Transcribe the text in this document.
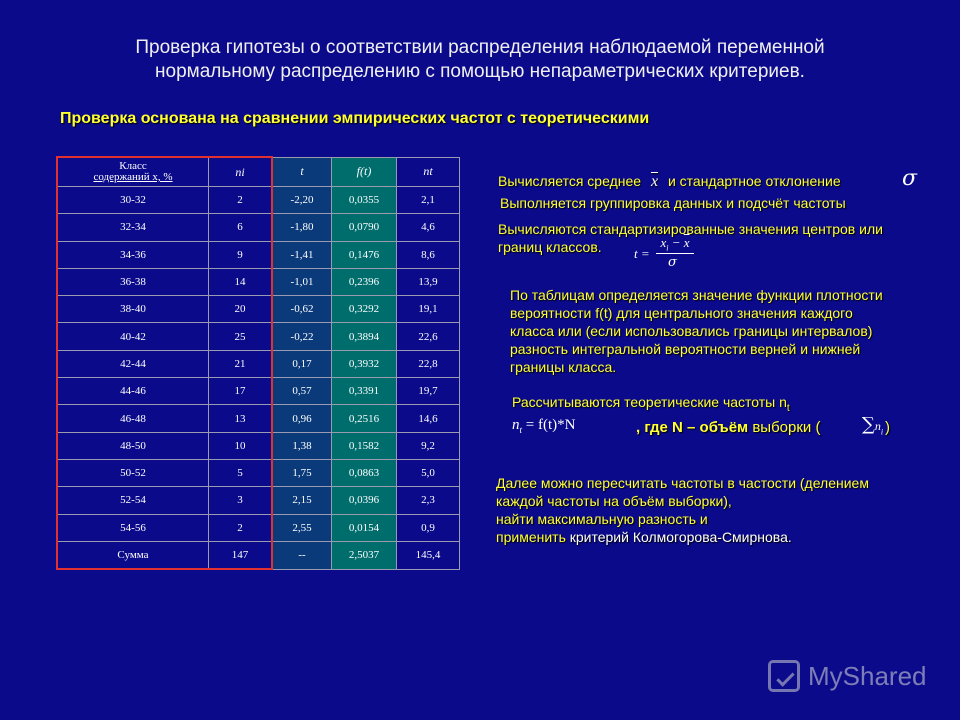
Проверка гипотезы о соответствии распределения наблюдаемой переменной
нормальному распределению с помощью непараметрических критериев.
Проверка основана на сравнении эмпирических частот с теоретическими
Класс
содержаний x, %	ni	t	f(t)	nt
30-32	2	-2,20	0,0355	2,1
32-34	6	-1,80	0,0790	4,6
34-36	9	-1,41	0,1476	8,6
36-38	14	-1,01	0,2396	13,9
38-40	20	-0,62	0,3292	19,1
40-42	25	-0,22	0,3894	22,6
42-44	21	0,17	0,3932	22,8
44-46	17	0,57	0,3391	19,7
46-48	13	0,96	0,2516	14,6
48-50	10	1,38	0,1582	9,2
50-52	5	1,75	0,0863	5,0
52-54	3	2,15	0,0396	2,3
54-56	2	2,55	0,0154	0,9
Сумма	147	--	2,5037	145,4
Вычисляется среднее $\overline{x}$ и стандартное отклонение	σ
Выполняется группировка данных и подсчёт частоты
Вычисляются стандартизированные значения центров или
границ классов.	t =
$x_i - \overline{x}$
σ
По таблицам определяется значение функции плотности
вероятности f(t) для центрального значения каждого
класса или (если использовались границы интервалов)
разность интегральной вероятности верней и нижней
границы класса.
Рассчитываются теоретические частоты $n_t$
$n_t = f(t)*N$	, где N – объём выборки ( $\sum n_i$ )
Далее можно пересчитать частоты в частости (делением
каждой частоты на объём выборки),
найти максимальную разность и
применить критерий Колмогорова-Смирнова.
MyShared
